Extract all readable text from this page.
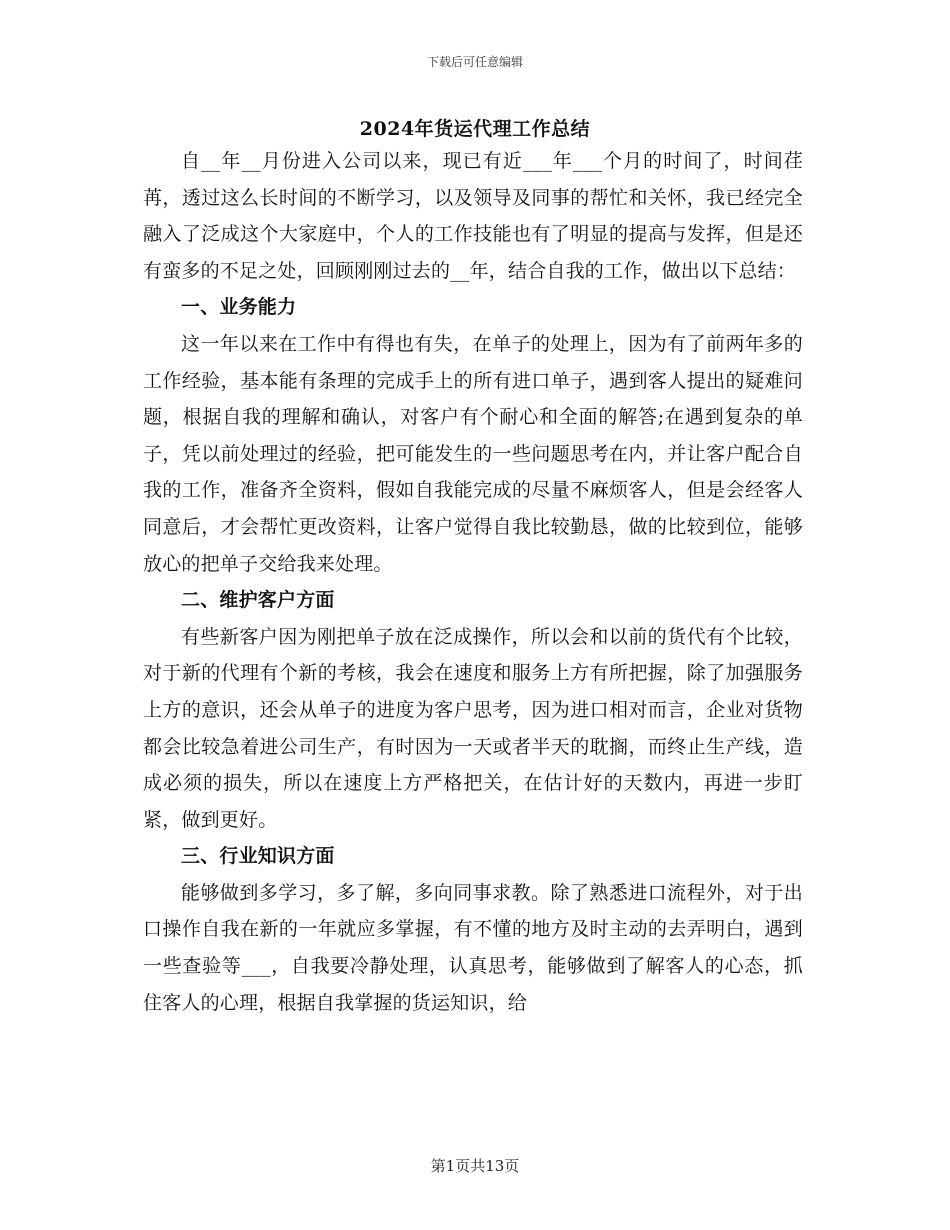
下载后可任意编辑
2024年货运代理工作总结

自__年__月份进入公司以来，现已有近___年___个月的时间了，时间荏苒，透过这么长时间的不断学习，以及领导及同事的帮忙和关怀，我已经完全融入了泛成这个大家庭中，个人的工作技能也有了明显的提高与发挥，但是还有蛮多的不足之处，回顾刚刚过去的__年，结合自我的工作，做出以下总结：

一、业务能力

这一年以来在工作中有得也有失，在单子的处理上，因为有了前两年多的工作经验，基本能有条理的完成手上的所有进口单子，遇到客人提出的疑难问题，根据自我的理解和确认，对客户有个耐心和全面的解答;在遇到复杂的单子，凭以前处理过的经验，把可能发生的一些问题思考在内，并让客户配合自我的工作，准备齐全资料，假如自我能完成的尽量不麻烦客人，但是会经客人同意后，才会帮忙更改资料，让客户觉得自我比较勤恳，做的比较到位，能够放心的把单子交给我来处理。

二、维护客户方面

有些新客户因为刚把单子放在泛成操作，所以会和以前的货代有个比较，对于新的代理有个新的考核，我会在速度和服务上方有所把握，除了加强服务上方的意识，还会从单子的进度为客户思考，因为进口相对而言，企业对货物都会比较急着进公司生产，有时因为一天或者半天的耽搁，而终止生产线，造成必须的损失，所以在速度上方严格把关，在估计好的天数内，再进一步盯紧，做到更好。

三、行业知识方面

能够做到多学习，多了解，多向同事求教。除了熟悉进口流程外，对于出口操作自我在新的一年就应多掌握，有不懂的地方及时主动的去弄明白，遇到一些查验等___，自我要冷静处理，认真思考，能够做到了解客人的心态，抓住客人的心理，根据自我掌握的货运知识，给

第1页共13页
